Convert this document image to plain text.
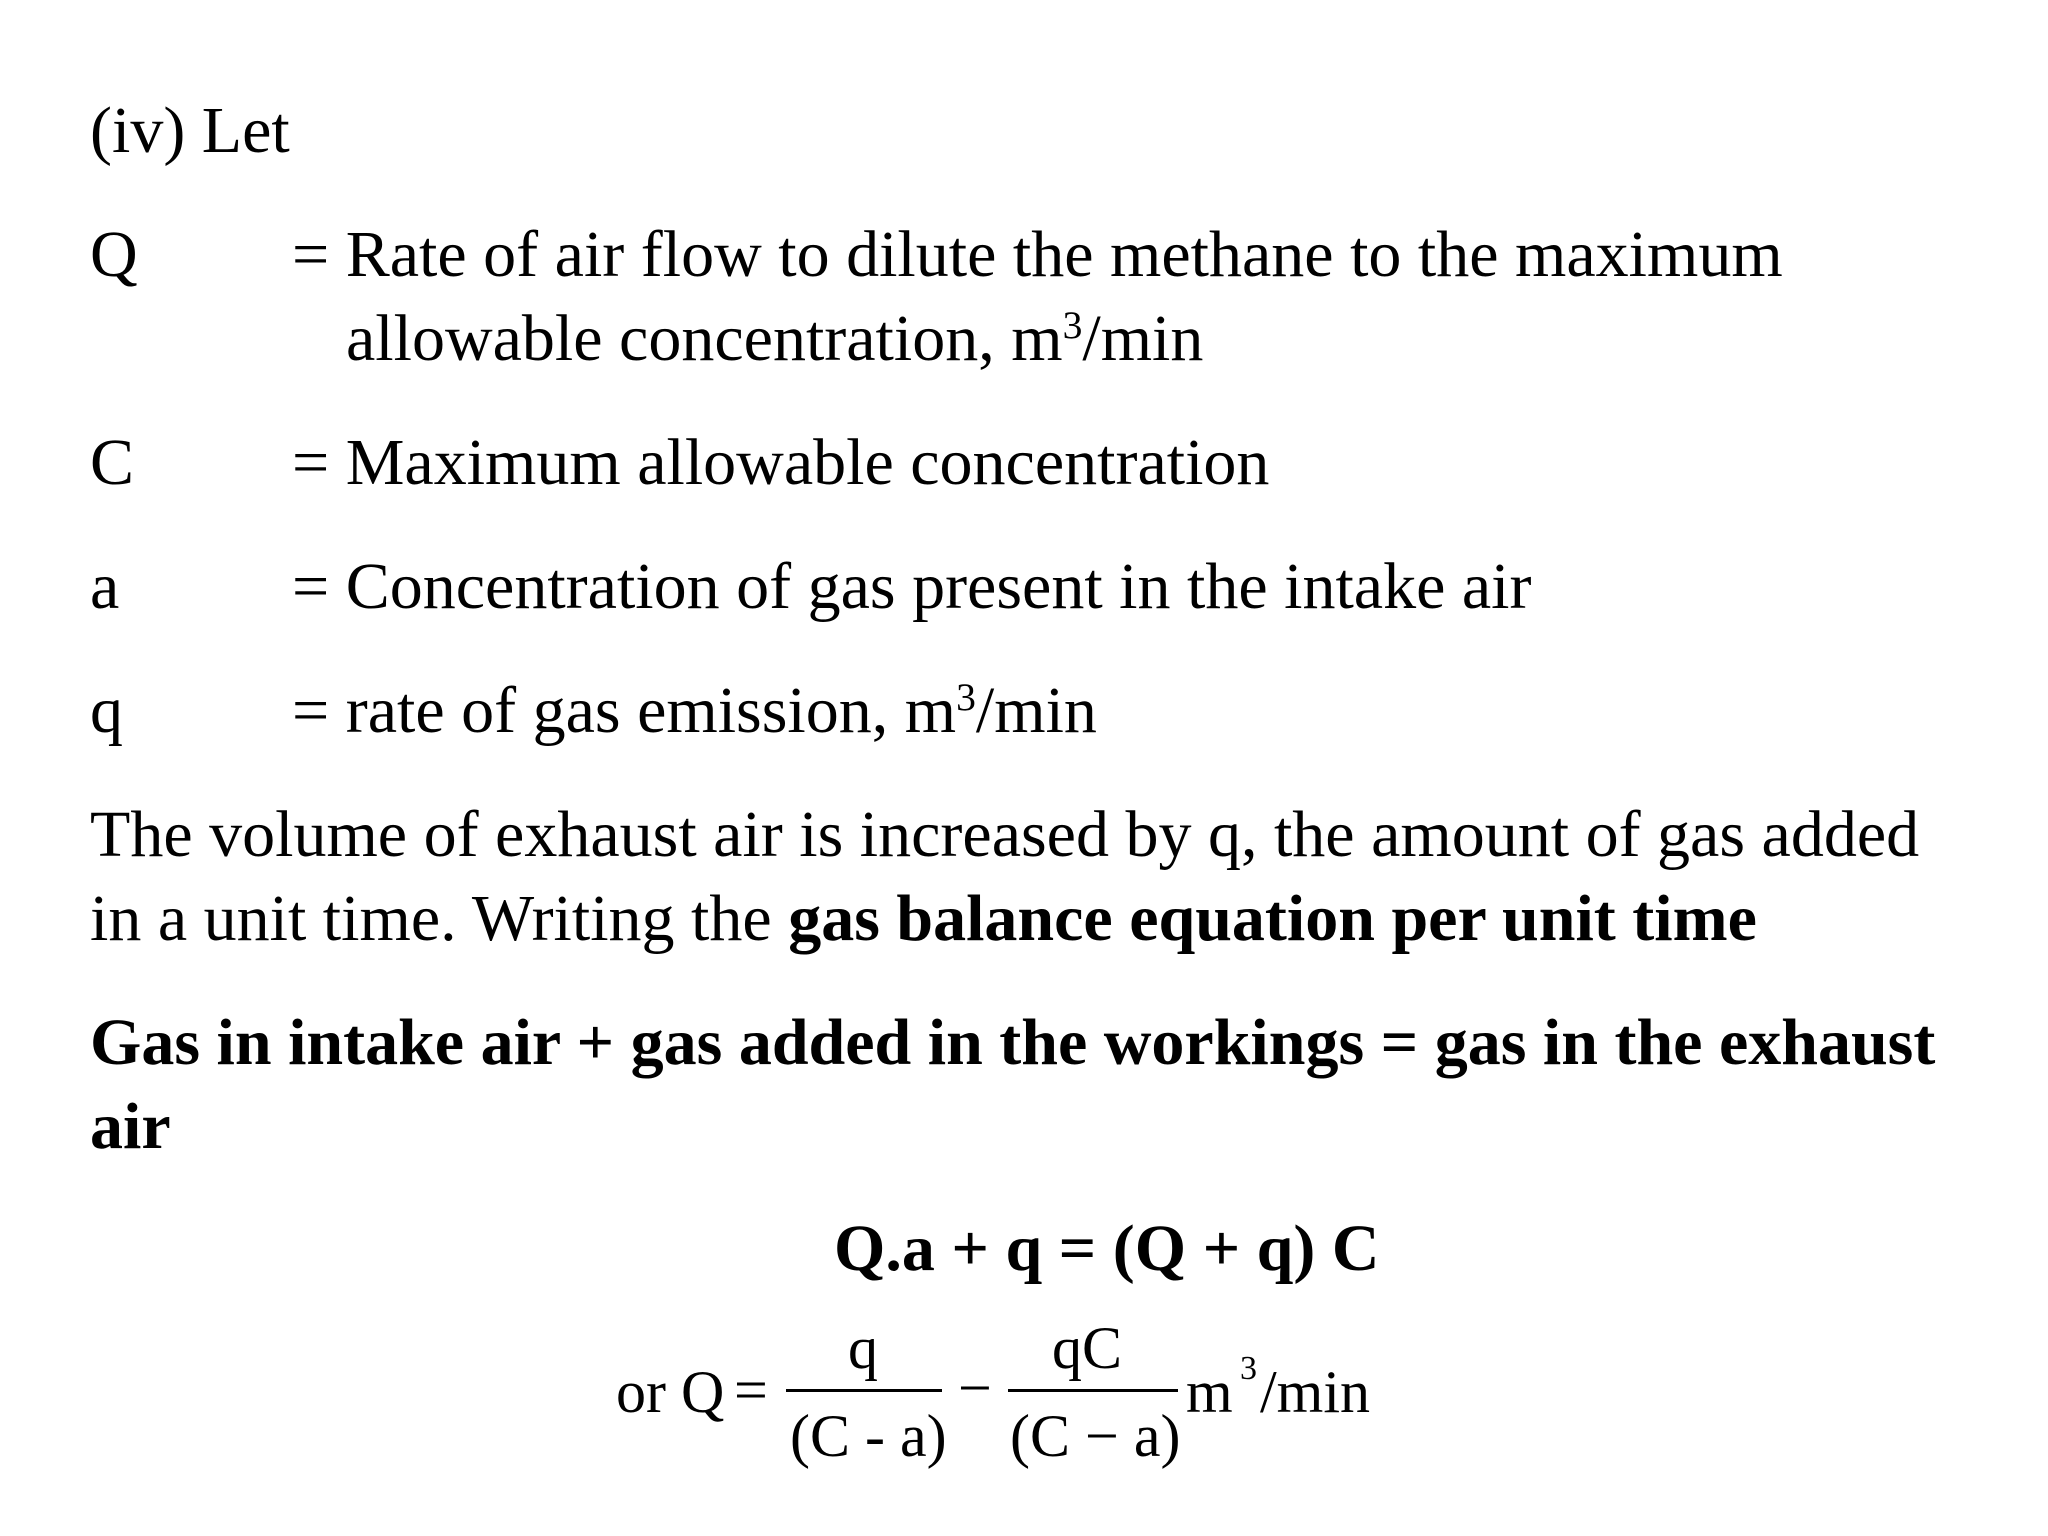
(iv) Let
Q = Rate of air flow to dilute the methane to the maximum
allowable concentration, $m^3/\min$
C = Maximum allowable concentration
a	= Concentration of gas present in the intake air
q	= rate of gas emission, $m^3/\min$
The volume of exhaust air is increased by q, the amount of gas added
in a unit time. Writing the gas balance equation per unit time
Gas in intake air + gas added in the workings = gas in the exhaust
air
Q.a + q = (Q + q) C
or Q =
q
(C - a)
−
qC
(C − a)
m 3 /min
